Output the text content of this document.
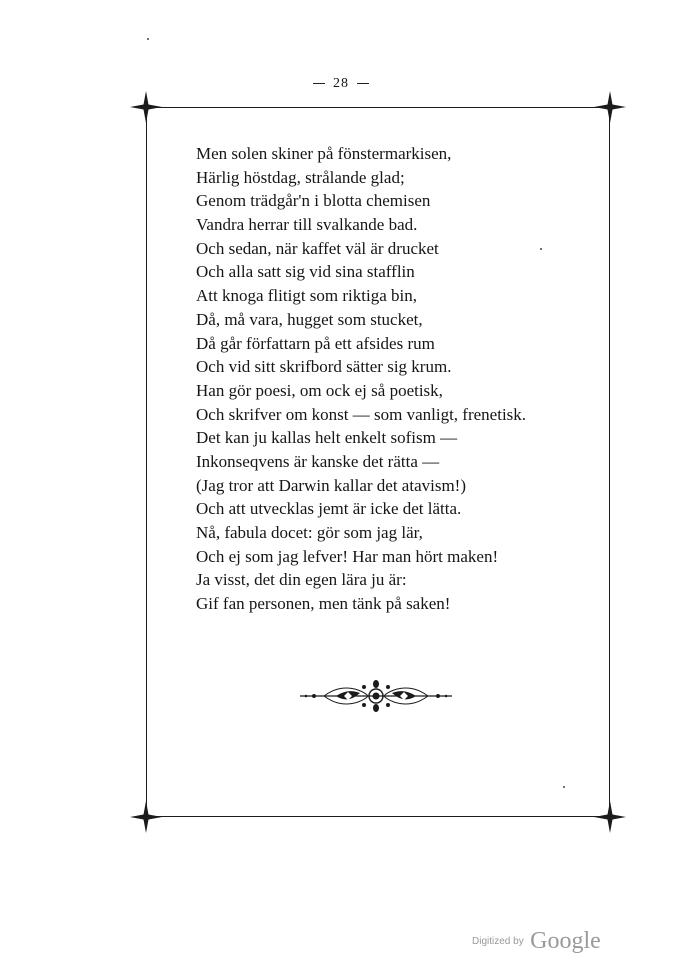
28
Men solen skiner på fönstermarkisen,
Härlig höstdag, strålande glad;
Genom trädgår'n i blotta chemisen
Vandra herrar till svalkande bad.
Och sedan, när kaffet väl är drucket
Och alla satt sig vid sina stafflin
Att knoga flitigt som riktiga bin,
Då, må vara, hugget som stucket,
Då går författarn på ett afsides rum
Och vid sitt skrifbord sätter sig krum.
Han gör poesi, om ock ej så poetisk,
Och skrifver om konst — som vanligt, frenetisk.
Det kan ju kallas helt enkelt sofism —
Inkonseqvens är kanske det rätta —
(Jag tror att Darwin kallar det atavism!)
Och att utvecklas jemt är icke det lätta.
Nå, fabula docet: gör som jag lär,
Och ej som jag lefver! Har man hört maken!
Ja visst, det din egen lära ju är:
Gif fan personen, men tänk på saken!
Digitized by Google
